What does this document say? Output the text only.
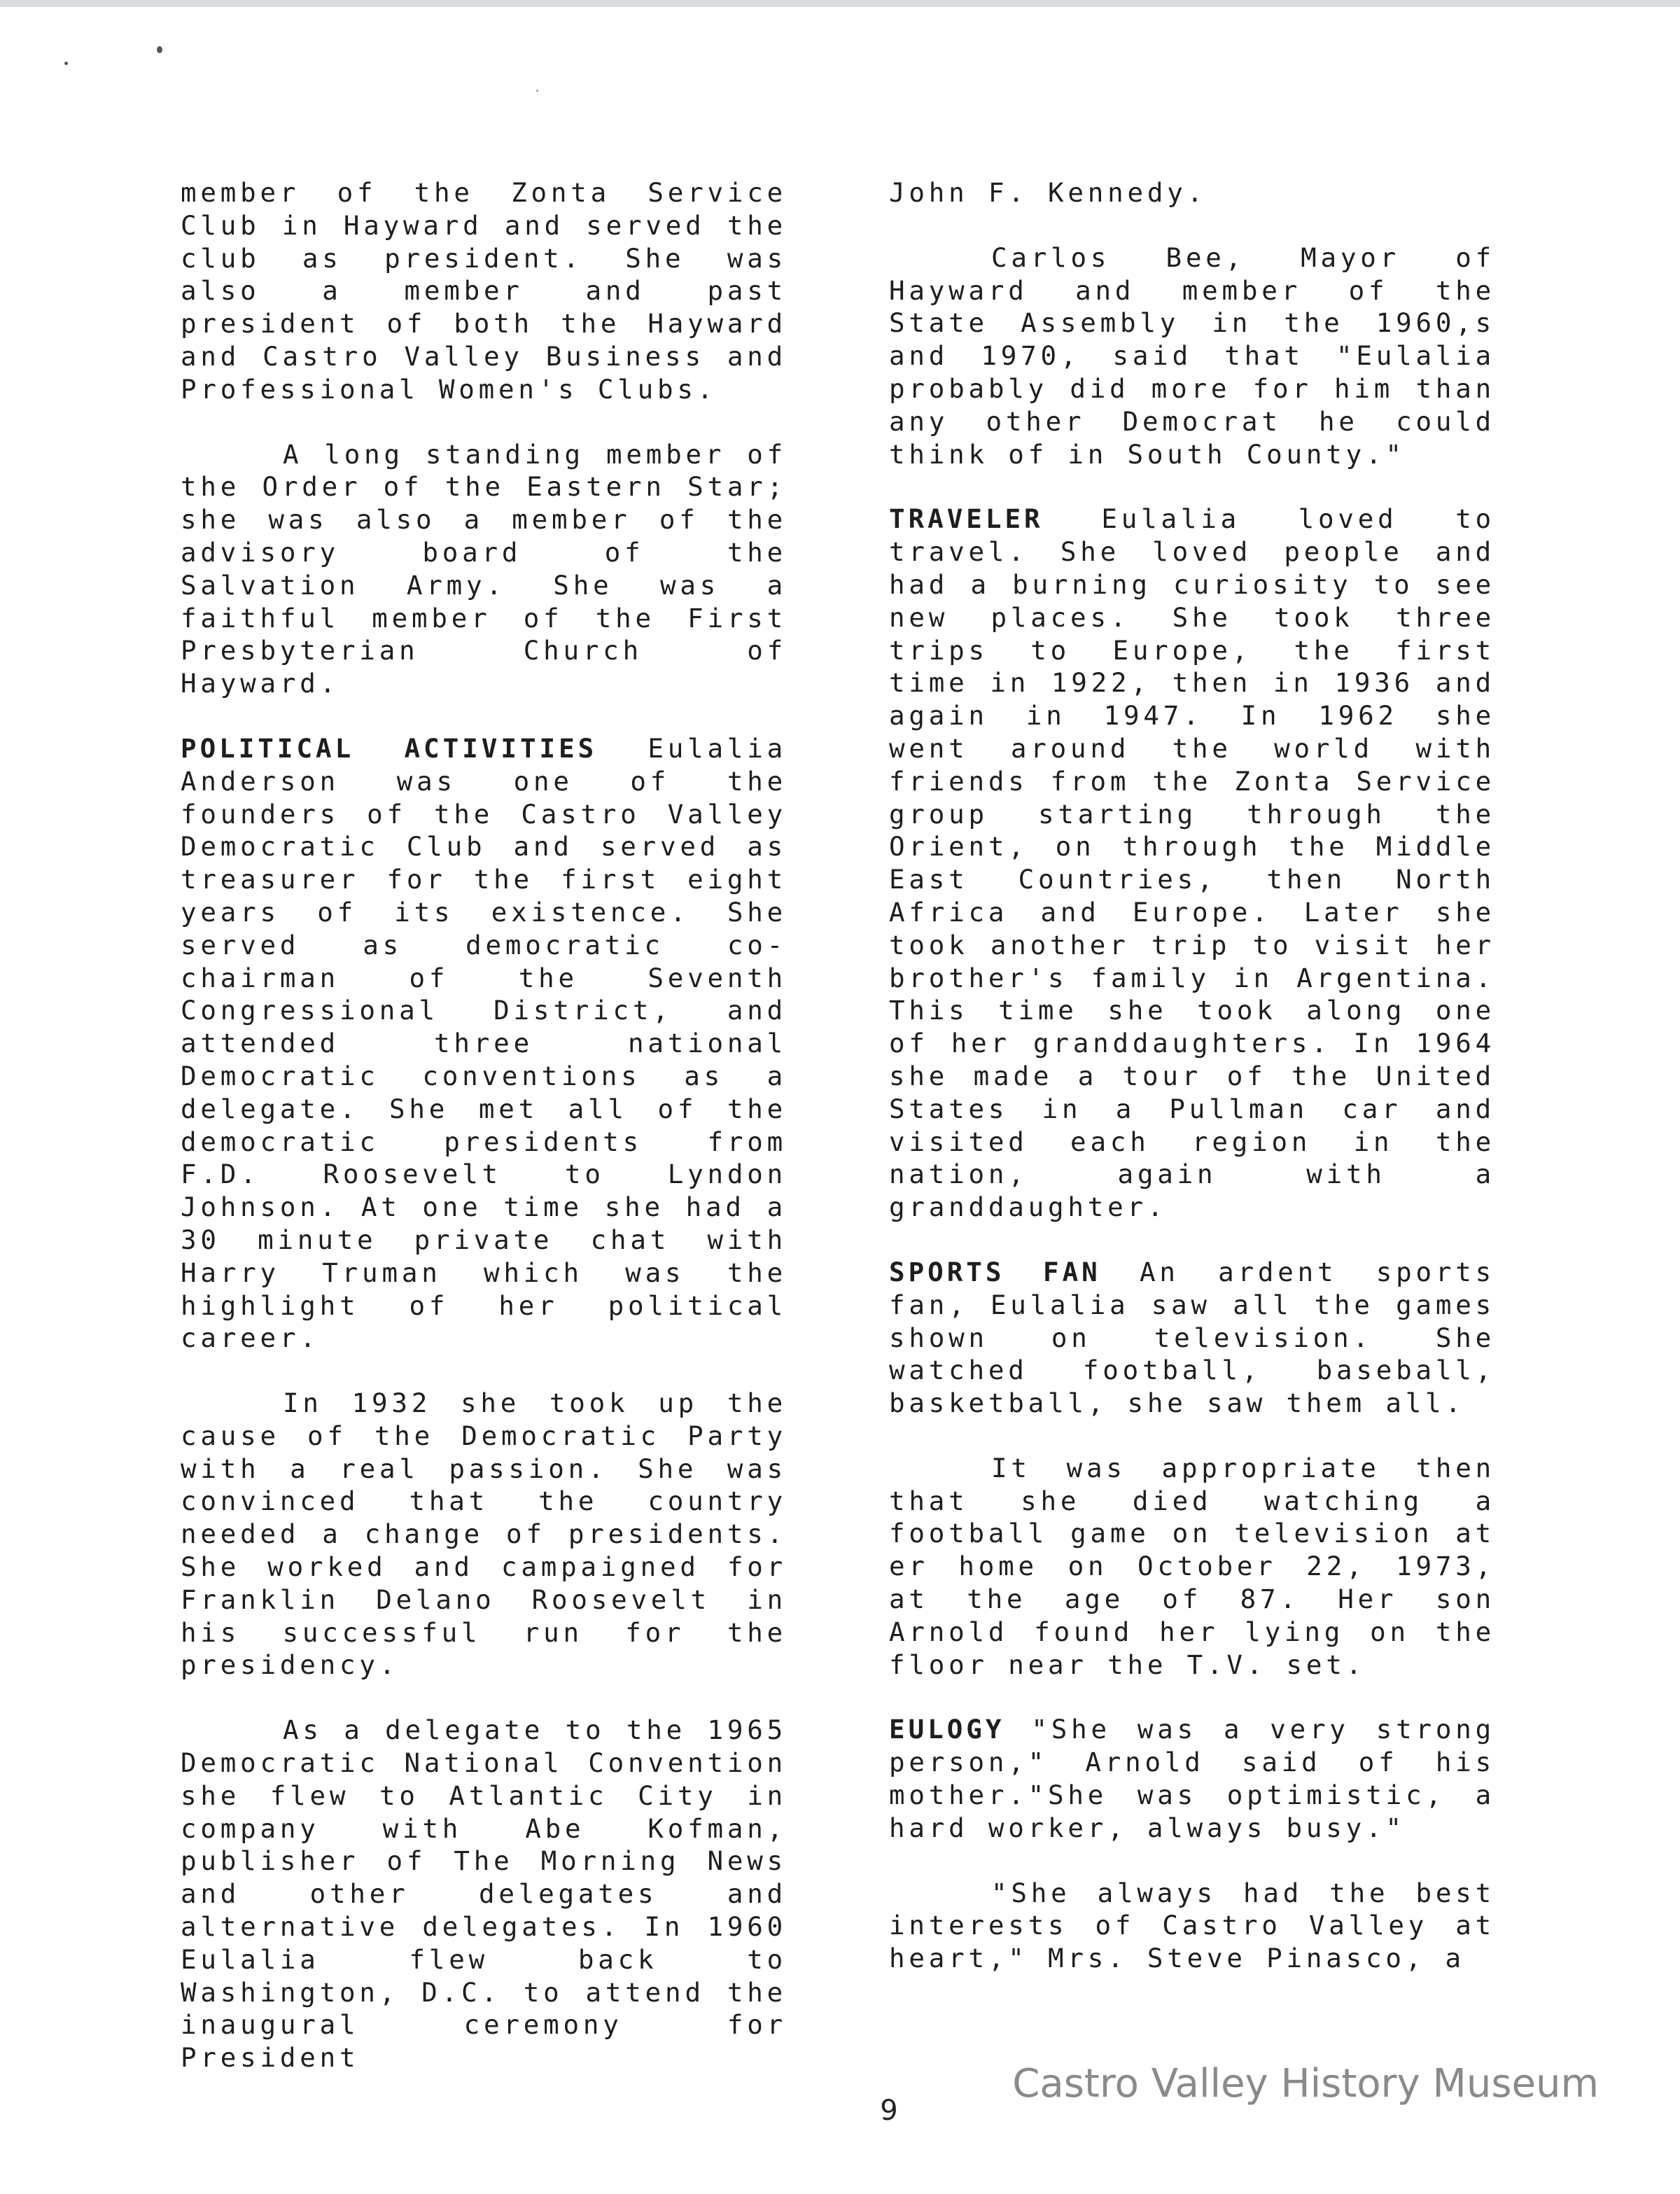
member of the Zonta Service Club in Hayward and served the club as president. She was also a member and past president of both the Hayward and Castro Valley Business and Professional Women's Clubs.

A long standing member of the Order of the Eastern Star; she was also a member of the advisory board of the Salvation Army. She was a faithful member of the First Presbyterian Church of Hayward.

POLITICAL ACTIVITIES Eulalia Anderson was one of the founders of the Castro Valley Democratic Club and served as treasurer for the first eight years of its existence. She served as democratic co-chairman of the Seventh Congressional District, and attended three national Democratic conventions as a delegate. She met all of the democratic presidents from F.D. Roosevelt to Lyndon Johnson. At one time she had a 30 minute private chat with Harry Truman which was the highlight of her political career.

In 1932 she took up the cause of the Democratic Party with a real passion. She was convinced that the country needed a change of presidents. She worked and campaigned for Franklin Delano Roosevelt in his successful run for the presidency.

As a delegate to the 1965 Democratic National Convention she flew to Atlantic City in company with Abe Kofman, publisher of The Morning News and other delegates and alternative delegates. In 1960 Eulalia flew back to Washington, D.C. to attend the inaugural ceremony for President

John F. Kennedy.

Carlos Bee, Mayor of Hayward and member of the State Assembly in the 1960,s and 1970, said that "Eulalia probably did more for him than any other Democrat he could think of in South County."

TRAVELER Eulalia loved to travel. She loved people and had a burning curiosity to see new places. She took three trips to Europe, the first time in 1922, then in 1936 and again in 1947. In 1962 she went around the world with friends from the Zonta Service group starting through the Orient, on through the Middle East Countries, then North Africa and Europe. Later she took another trip to visit her brother's family in Argentina. This time she took along one of her granddaughters. In 1964 she made a tour of the United States in a Pullman car and visited each region in the nation, again with a granddaughter.

SPORTS FAN An ardent sports fan, Eulalia saw all the games shown on television. She watched football, baseball, basketball, she saw them all.

It was appropriate then that she died watching a football game on television at er home on October 22, 1973, at the age of 87. Her son Arnold found her lying on the floor near the T.V. set.

EULOGY "She was a very strong person," Arnold said of his mother."She was optimistic, a hard worker, always busy."

"She always had the best interests of Castro Valley at heart," Mrs. Steve Pinasco, a

9
Castro Valley History Museum
